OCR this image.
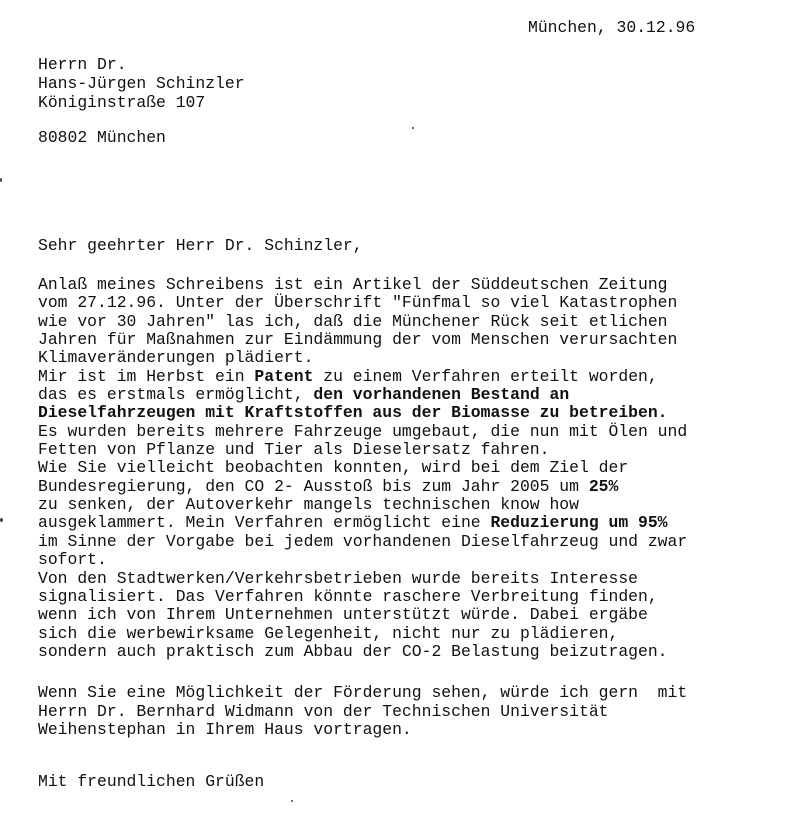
München, 30.12.96
Herrn Dr.
Hans-Jürgen Schinzler
Königinstraße 107
80802 München
Sehr geehrter Herr Dr. Schinzler,
Anlaß meines Schreibens ist ein Artikel der Süddeutschen Zeitung
vom 27.12.96. Unter der Überschrift "Fünfmal so viel Katastrophen
wie vor 30 Jahren" las ich, daß die Münchener Rück seit etlichen
Jahren für Maßnahmen zur Eindämmung der vom Menschen verursachten
Klimaveränderungen plädiert.
Mir ist im Herbst ein Patent zu einem Verfahren erteilt worden,
das es erstmals ermöglicht, den vorhandenen Bestand an
Dieselfahrzeugen mit Kraftstoffen aus der Biomasse zu betreiben.
Es wurden bereits mehrere Fahrzeuge umgebaut, die nun mit Ölen und
Fetten von Pflanze und Tier als Dieselersatz fahren.
Wie Sie vielleicht beobachten konnten, wird bei dem Ziel der
Bundesregierung, den CO 2- Ausstoß bis zum Jahr 2005 um 25%
zu senken, der Autoverkehr mangels technischen know how
ausgeklammert. Mein Verfahren ermöglicht eine Reduzierung um 95%
im Sinne der Vorgabe bei jedem vorhandenen Dieselfahrzeug und zwar
sofort.
Von den Stadtwerken/Verkehrsbetrieben wurde bereits Interesse
signalisiert. Das Verfahren könnte raschere Verbreitung finden,
wenn ich von Ihrem Unternehmen unterstützt würde. Dabei ergäbe
sich die werbewirksame Gelegenheit, nicht nur zu plädieren,
sondern auch praktisch zum Abbau der CO-2 Belastung beizutragen.
Wenn Sie eine Möglichkeit der Förderung sehen, würde ich gern  mit
Herrn Dr. Bernhard Widmann von der Technischen Universität
Weihenstephan in Ihrem Haus vortragen.
Mit freundlichen Grüßen
